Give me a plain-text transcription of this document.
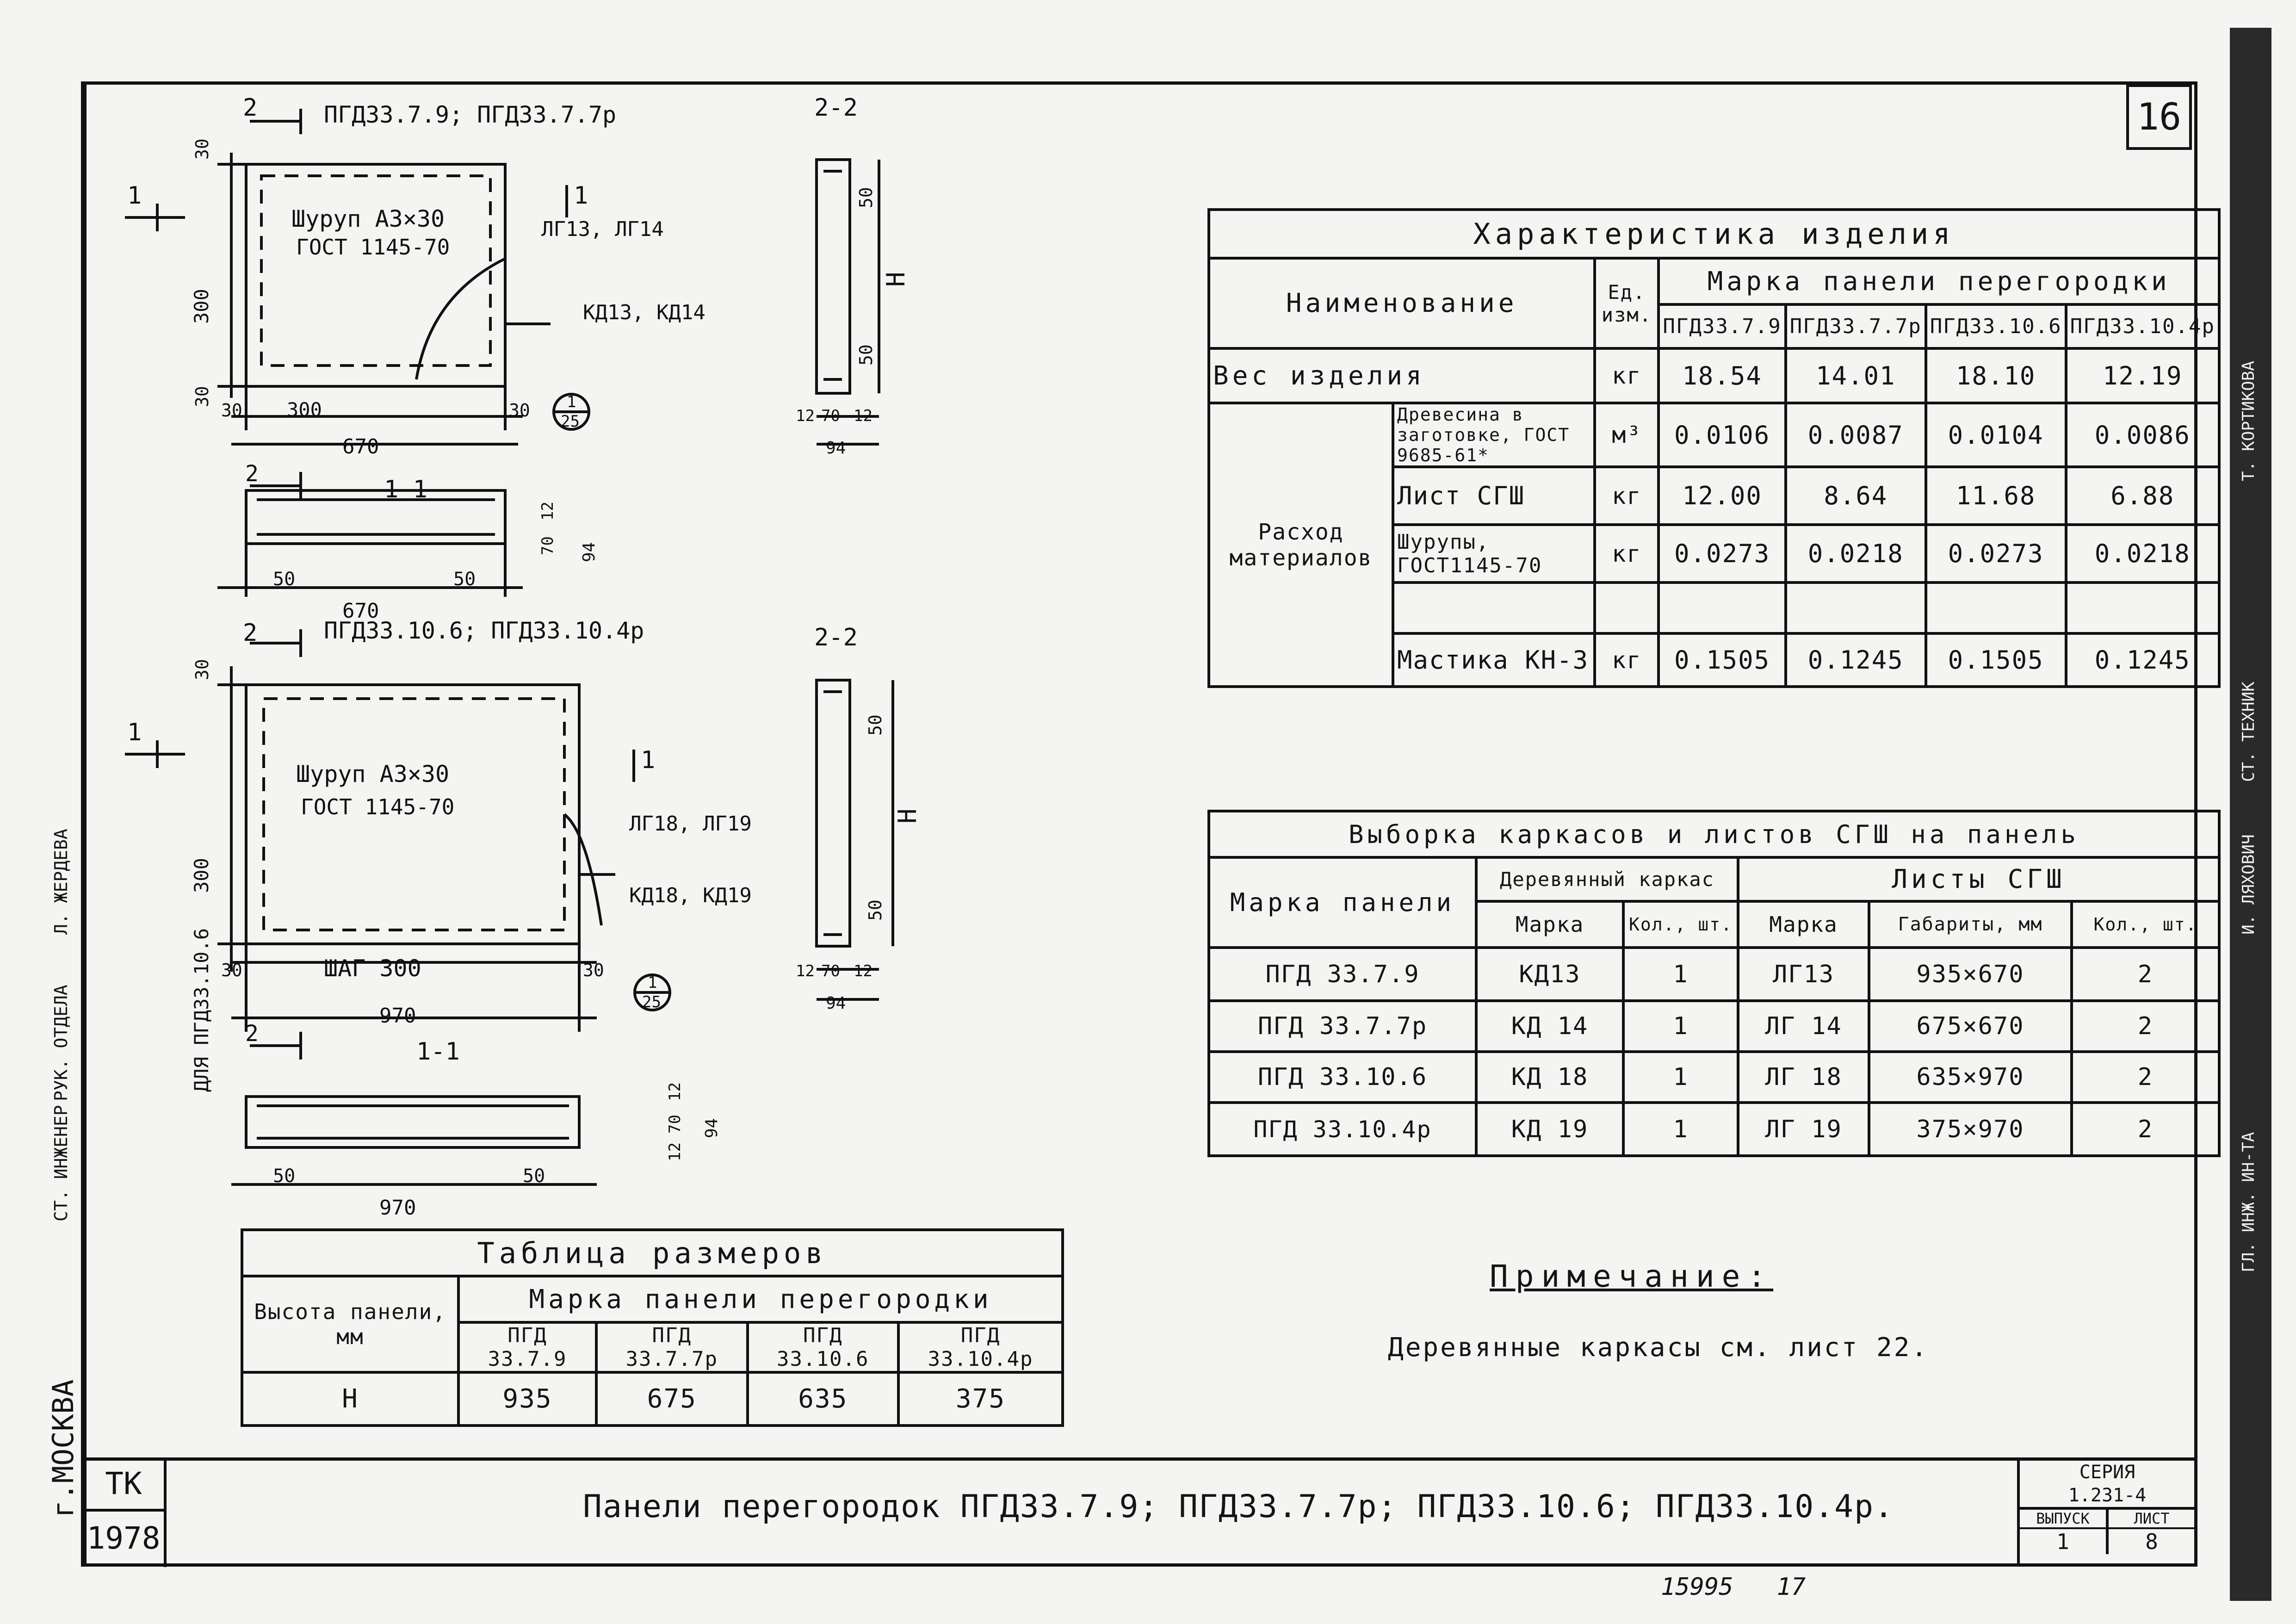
16
РУК. ОТДЕЛА
СТ. ИНЖЕНЕР
Л. ЖЕРДЕВА
г.МОСКВА
СТ. ТЕХНИК
И. ЛЯХОВИЧ
ГЛ. ИНЖ. ИН-ТА
Т. КОРТИКОВА
2	ПГД33.7.9; ПГД33.7.7р
1	1
Шуруп А3×30
ГОСТ 1145-70
ЛГ13, ЛГ14
КД13, КД14
300
30
30
30 300	30
670
1
25
2
1-1
50	50
12
70 94
670
2-2
50
H
50
12 70 12
94
2	ПГД33.10.6; ПГД33.10.4р
1
1
Шуруп А3×30
ГОСТ 1145-70
ЛГ18, ЛГ19
КД18, КД19
30
300
30	ШАГ 300	30
970
ДЛЯ ПГД33.10.6	1
25
2
1-1
50	50
12
70 94
12
970
2-2
50
H
50
12 70 12
94
Характеристика изделия						
Наименование		Ед. изм.	Марка панели перегородки			
			ПГД33.7.9	ПГД33.7.7р	ПГД33.10.6	ПГД33.10.4р
Вес изделия		кг	18.54	14.01	18.10	12.19
Расход материалов	Древесина в заготовке, ГОСТ 9685-61*	м³	0.0106	0.0087	0.0104	0.0086
	Лист СГШ	кг	12.00	8.64	11.68	6.88
	Шурупы, ГОСТ1145-70	кг	0.0273	0.0218	0.0273	0.0218

	Мастика КН-3	кг	0.1505	0.1245	0.1505	0.1245
Выборка каркасов и листов СГШ на панель					
Марка панели	Деревянный каркас		Листы СГШ		
	Марка	Кол., шт.	Марка	Габариты, мм	Кол., шт.
ПГД 33.7.9	КД13	1	ЛГ13	935×670	2
ПГД 33.7.7р	КД 14	1	ЛГ 14	675×670	2
ПГД 33.10.6	КД 18	1	ЛГ 18	635×970	2
ПГД 33.10.4р	КД 19	1	ЛГ 19	375×970	2
Примечание:
Деревянные каркасы см. лист 22.
Таблица размеров				
Высота панели, мм	Марка панели перегородки			
	ПГД 33.7.9	ПГД 33.7.7р	ПГД 33.10.6	ПГД 33.10.4р
H	935	675	635	375
ТК
1978
Панели перегородок ПГД33.7.9; ПГД33.7.7р; ПГД33.10.6; ПГД33.10.4р.
СЕРИЯ
1.231-4
ВЫПУСК	ЛИСТ
1	8
15995   17
